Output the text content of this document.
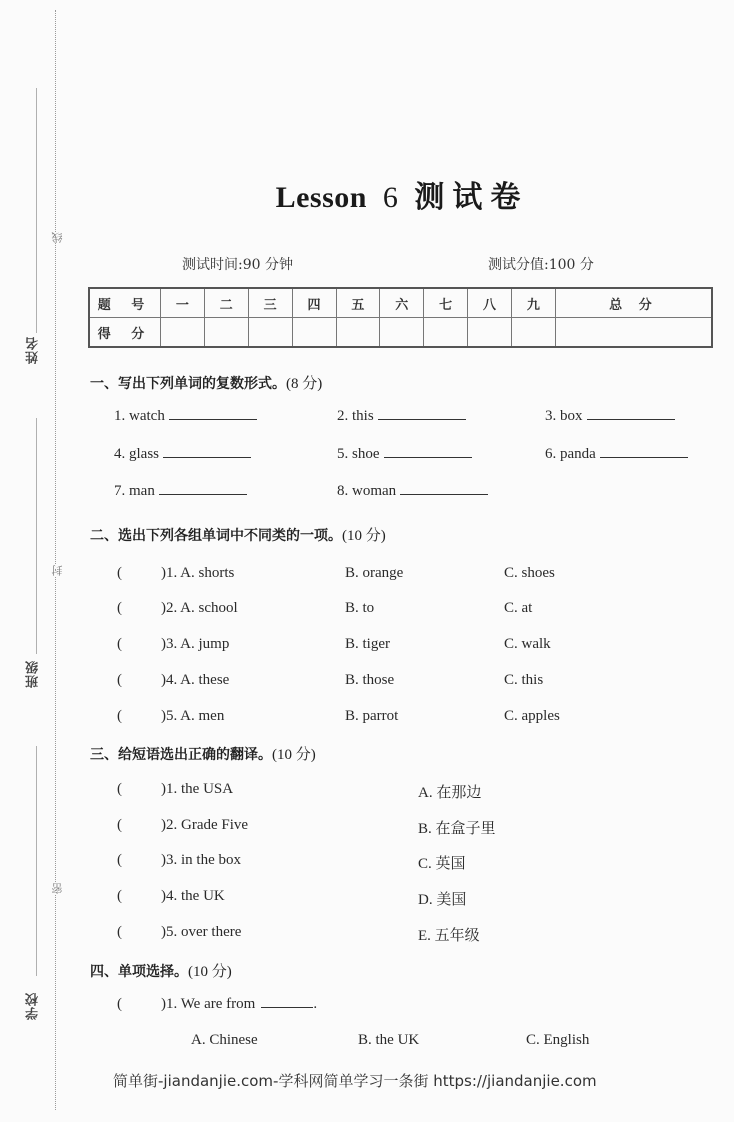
姓名
班级
学校
线
封
密
Lesson 6 测试卷
测试时间:90 分钟	测试分值:100 分
题 号	一	二	三	四	五	六	七	八	九	总 分
得 分										
一、写出下列单词的复数形式。(8 分)
1. watch	2. this	3. box
4. glass	5. shoe	6. panda
7. man	8. woman
二、选出下列各组单词中不同类的一项。(10 分)
(	)1. A. shorts	B. orange	C. shoes
(	)2. A. school	B. to	C. at
(	)3. A. jump	B. tiger	C. walk
(	)4. A. these	B. those	C. this
(	)5. A. men	B. parrot	C. apples
三、给短语选出正确的翻译。(10 分)
(	)1. the USA	A. 在那边
(	)2. Grade Five	B. 在盒子里
(	)3. in the box	C. 英国
(	)4. the UK	D. 美国
(	)5. over there	E. 五年级
四、单项选择。(10 分)
(	)1. We are from	.
A. Chinese	B. the UK	C. English
简单街-jiandanjie.com-学科网简单学习一条街 https://jiandanjie.com
